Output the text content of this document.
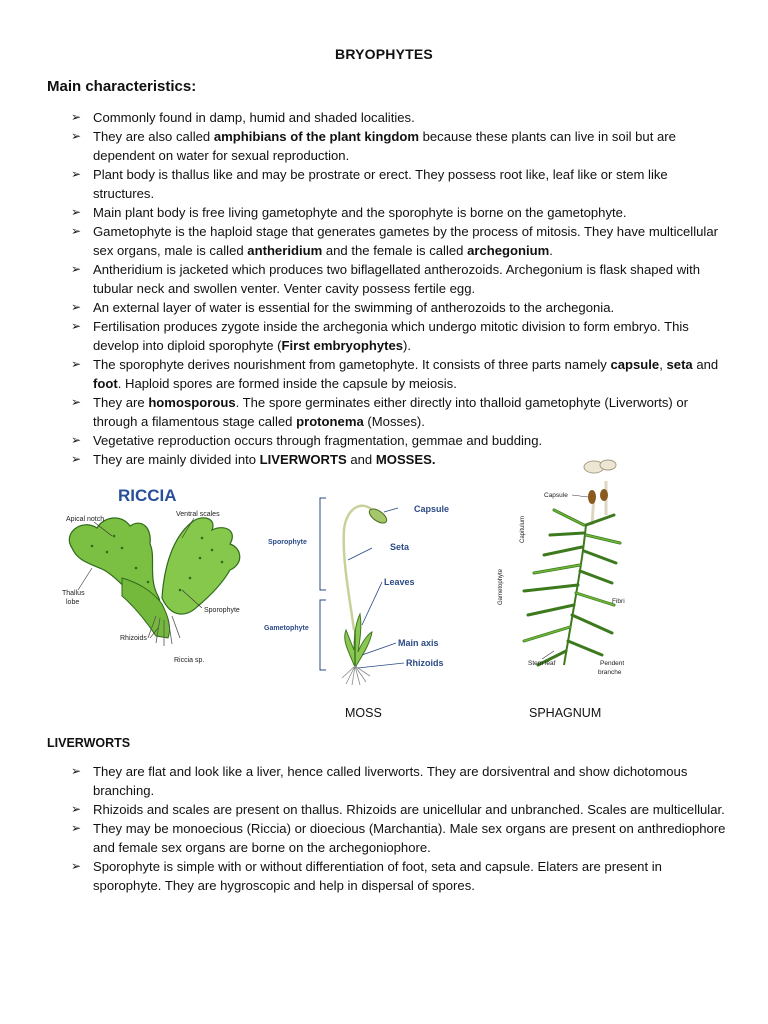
BRYOPHYTES
Main characteristics:
➢ Commonly found in damp, humid and shaded localities.
➢ They are also called amphibians of the plant kingdom because these plants can live in soil but are dependent on water for sexual reproduction.
➢ Plant body is thallus like and may be prostrate or erect. They possess root like, leaf like or stem like structures.
➢ Main plant body is free living gametophyte and the sporophyte is borne on the gametophyte.
➢ Gametophyte is the haploid stage that generates gametes by the process of mitosis. They have multicellular sex organs, male is called antheridium and the female is called archegonium.
➢ Antheridium is jacketed which produces two biflagellated antherozoids. Archegonium is flask shaped with tubular neck and swollen venter. Venter cavity possess fertile egg.
➢ An external layer of water is essential for the swimming of antherozoids to the archegonia.
➢ Fertilisation produces zygote inside the archegonia which undergo mitotic division to form embryo. This develop into diploid sporophyte (First embryophytes).
➢ The sporophyte derives nourishment from gametophyte. It consists of three parts namely capsule, seta and foot. Haploid spores are formed inside the capsule by meiosis.
➢ They are homosporous. The spore germinates either directly into thalloid gametophyte (Liverworts) or through a filamentous stage called protonema (Mosses).
➢ Vegetative reproduction occurs through fragmentation, gemmae and budding.
➢ They are mainly divided into LIVERWORTS and MOSSES.
RICCIA
Apical notch
Ventral scales
Sporophyte
Thallus
lobe
Rhizoids
Riccia sp.
Capsule
Sporophyte	Seta
Leaves
Gametophyte
Main axis
Rhizoids
MOSS
Capsule
Capitulum
Gametophyte	Fibri
Stem leaf	Pendent
branche
SPHAGNUM
LIVERWORTS
➢ They are flat and look like a liver, hence called liverworts. They are dorsiventral and show dichotomous branching.
➢ Rhizoids and scales are present on thallus. Rhizoids are unicellular and unbranched. Scales are multicellular.
➢ They may be monoecious (Riccia) or dioecious (Marchantia). Male sex organs are present on anthrediophore and female sex organs are borne on the archegoniophore.
➢ Sporophyte is simple with or without differentiation of foot, seta and capsule. Elaters are present in sporophyte. They are hygroscopic and help in dispersal of spores.
